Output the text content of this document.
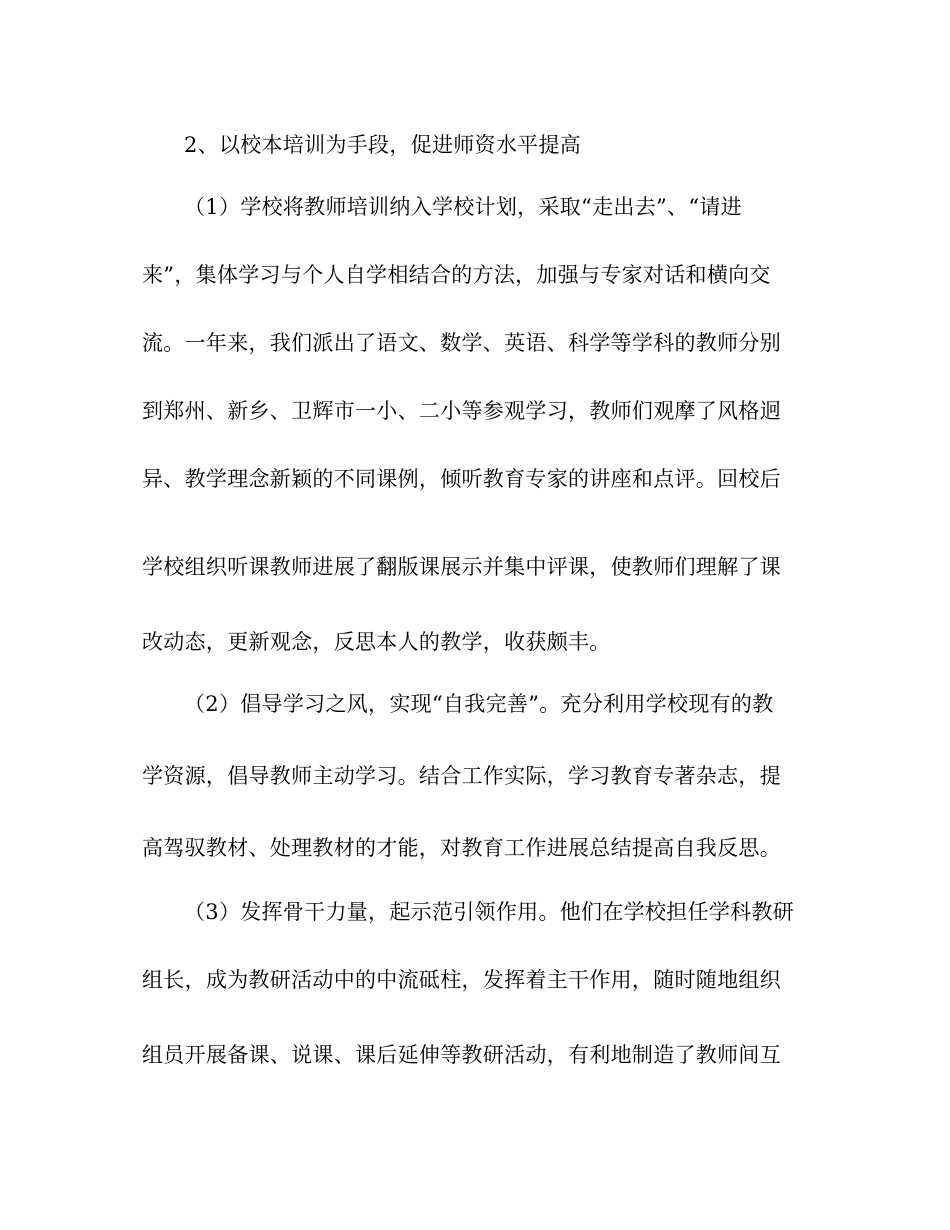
2、以校本培训为手段，促进师资水平提高
（1）学校将教师培训纳入学校计划，采取“走出去”、“请进
来”，集体学习与个人自学相结合的方法，加强与专家对话和横向交
流。一年来，我们派出了语文、数学、英语、科学等学科的教师分别
到郑州、新乡、卫辉市一小、二小等参观学习，教师们观摩了风格迥
异、教学理念新颖的不同课例，倾听教育专家的讲座和点评。回校后
学校组织听课教师进展了翻版课展示并集中评课，使教师们理解了课
改动态，更新观念，反思本人的教学，收获颇丰。
（2）倡导学习之风，实现“自我完善”。充分利用学校现有的教
学资源，倡导教师主动学习。结合工作实际，学习教育专著杂志，提
高驾驭教材、处理教材的才能，对教育工作进展总结提高自我反思。
（3）发挥骨干力量，起示范引领作用。他们在学校担任学科教研
组长，成为教研活动中的中流砥柱，发挥着主干作用，随时随地组织
组员开展备课、说课、课后延伸等教研活动，有利地制造了教师间互
